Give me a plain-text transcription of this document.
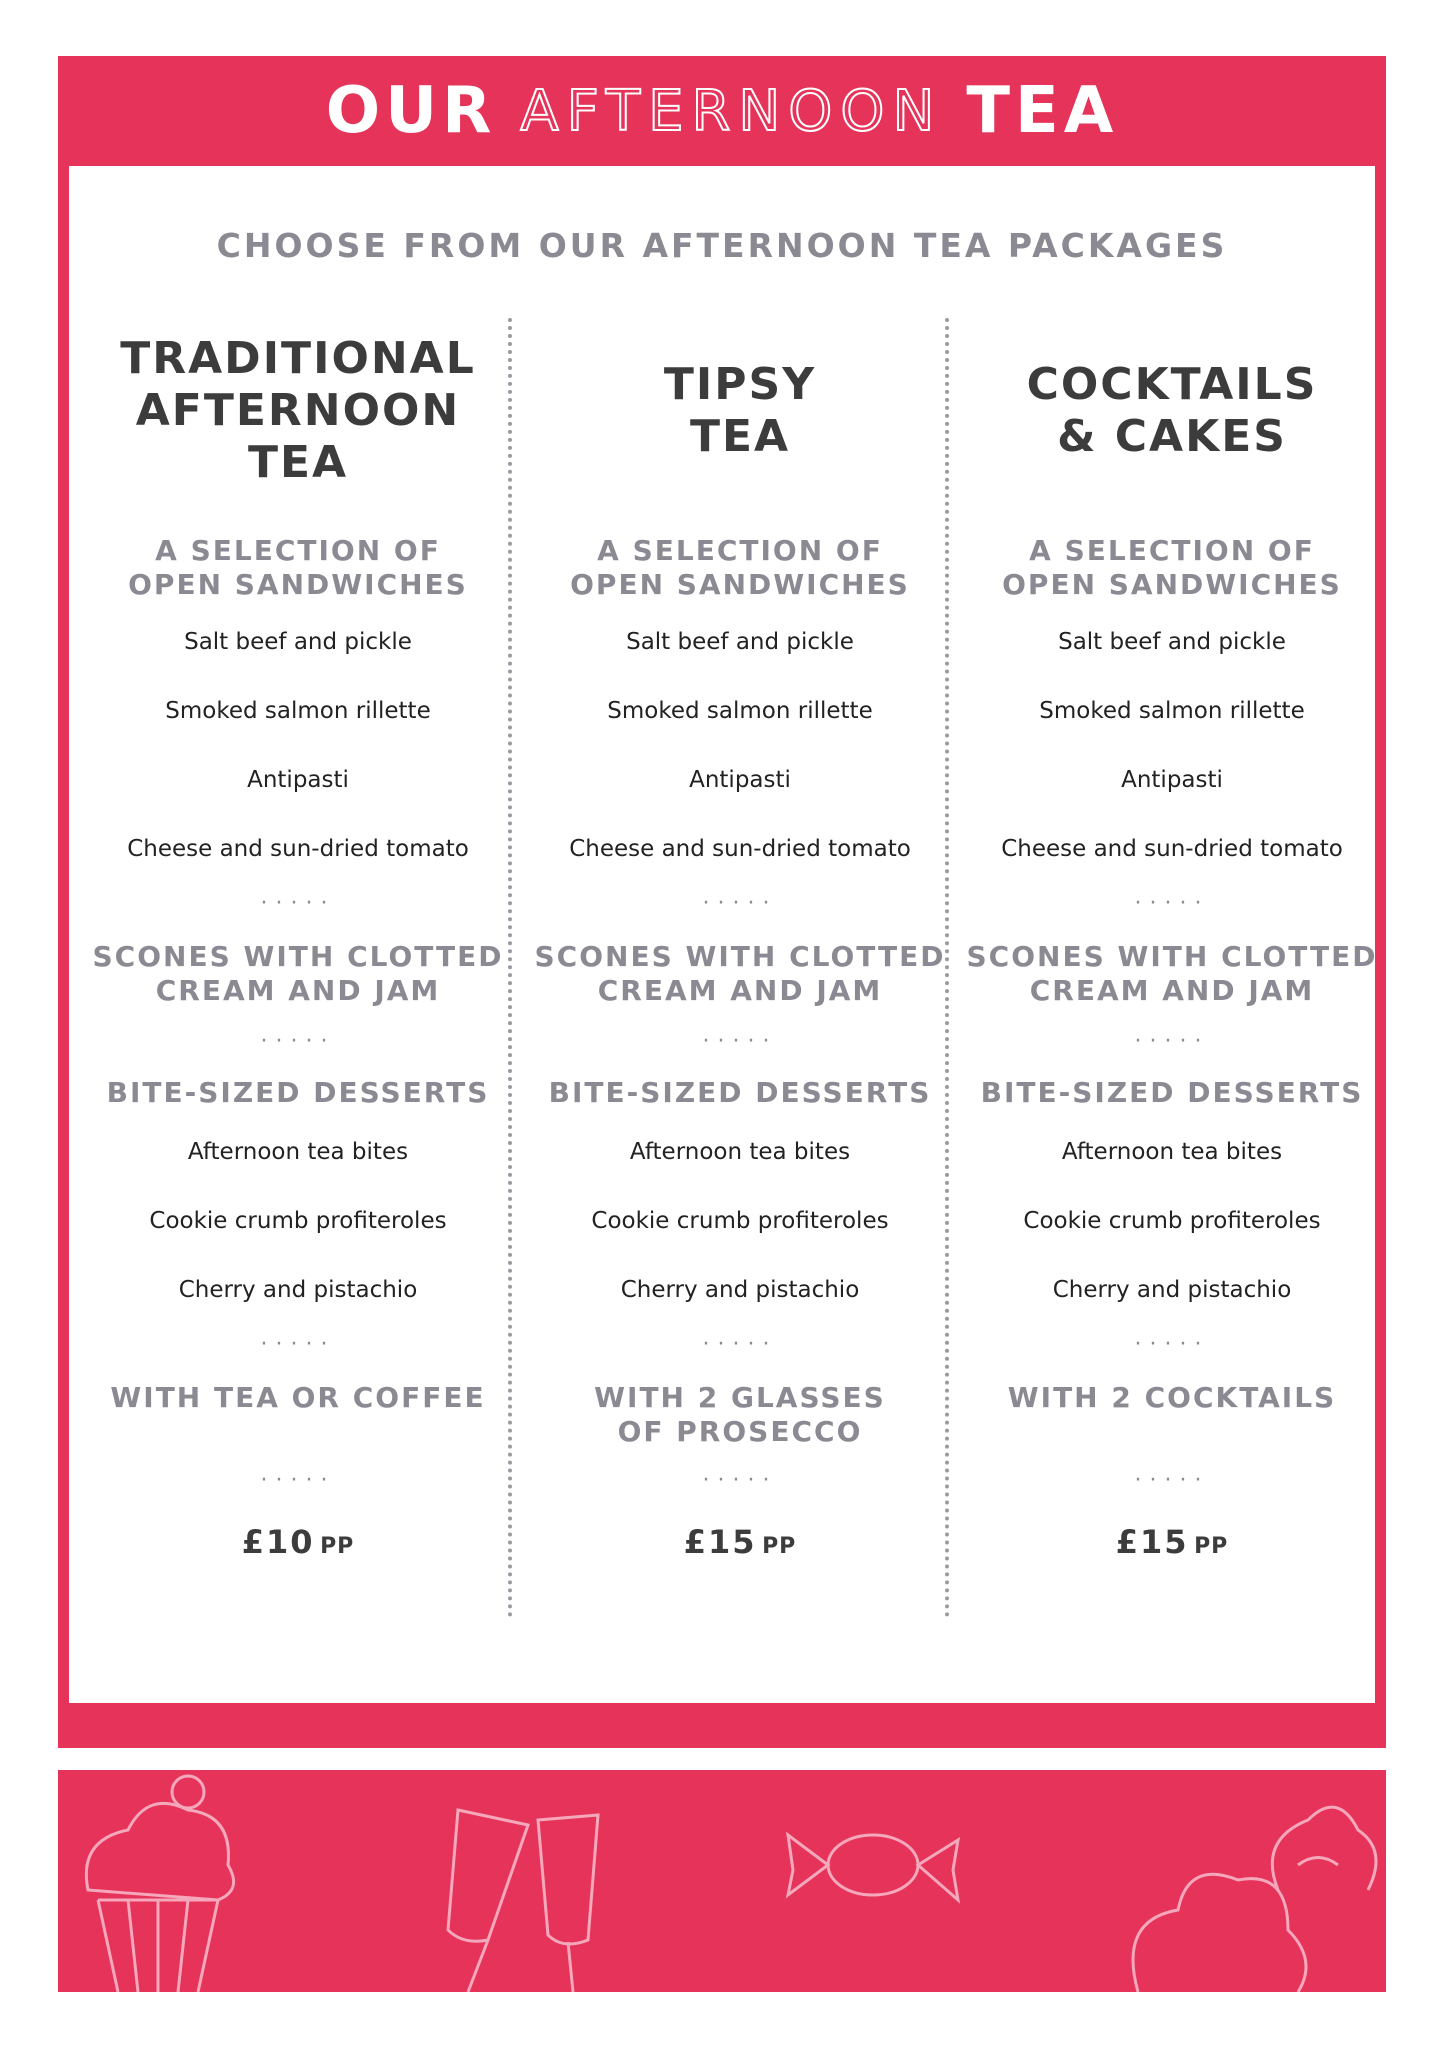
OUR AFTERNOON TEA
CHOOSE FROM OUR AFTERNOON TEA PACKAGES
TRADITIONAL
AFTERNOON TEA
A SELECTION OF
OPEN SANDWICHES
Salt beef and pickle
Smoked salmon rillette
Antipasti
Cheese and sun-dried tomato
·····
SCONES WITH CLOTTED
CREAM AND JAM
·····
BITE-SIZED DESSERTS
Afternoon tea bites
Cookie crumb profiteroles
Cherry and pistachio
·····
WITH TEA OR COFFEE
·····
£10 PP
TIPSY
TEA
A SELECTION OF
OPEN SANDWICHES
Salt beef and pickle
Smoked salmon rillette
Antipasti
Cheese and sun-dried tomato
·····
SCONES WITH CLOTTED
CREAM AND JAM
·····
BITE-SIZED DESSERTS
Afternoon tea bites
Cookie crumb profiteroles
Cherry and pistachio
·····
WITH 2 GLASSES
OF PROSECCO
·····
£15 PP
COCKTAILS
& CAKES
A SELECTION OF
OPEN SANDWICHES
Salt beef and pickle
Smoked salmon rillette
Antipasti
Cheese and sun-dried tomato
·····
SCONES WITH CLOTTED
CREAM AND JAM
·····
BITE-SIZED DESSERTS
Afternoon tea bites
Cookie crumb profiteroles
Cherry and pistachio
·····
WITH 2 COCKTAILS
·····
£15 PP
